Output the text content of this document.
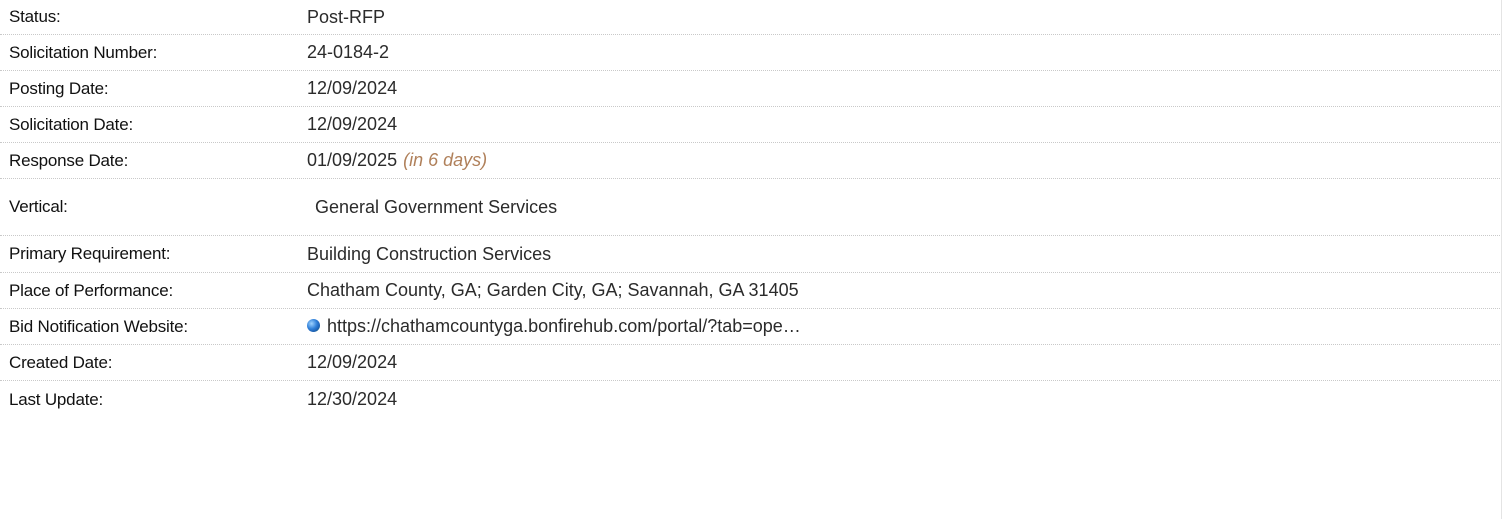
Status:	Post-RFP
Solicitation Number:	24-0184-2
Posting Date:	12/09/2024
Solicitation Date:	12/09/2024
Response Date:	01/09/2025 (in 6 days)
Vertical:	General Government Services
Primary Requirement:	Building Construction Services
Place of Performance:	Chatham County, GA; Garden City, GA; Savannah, GA 31405
Bid Notification Website:	https://chathamcountyga.bonfirehub.com/portal/?tab=ope…
Created Date:	12/09/2024
Last Update:	12/30/2024
